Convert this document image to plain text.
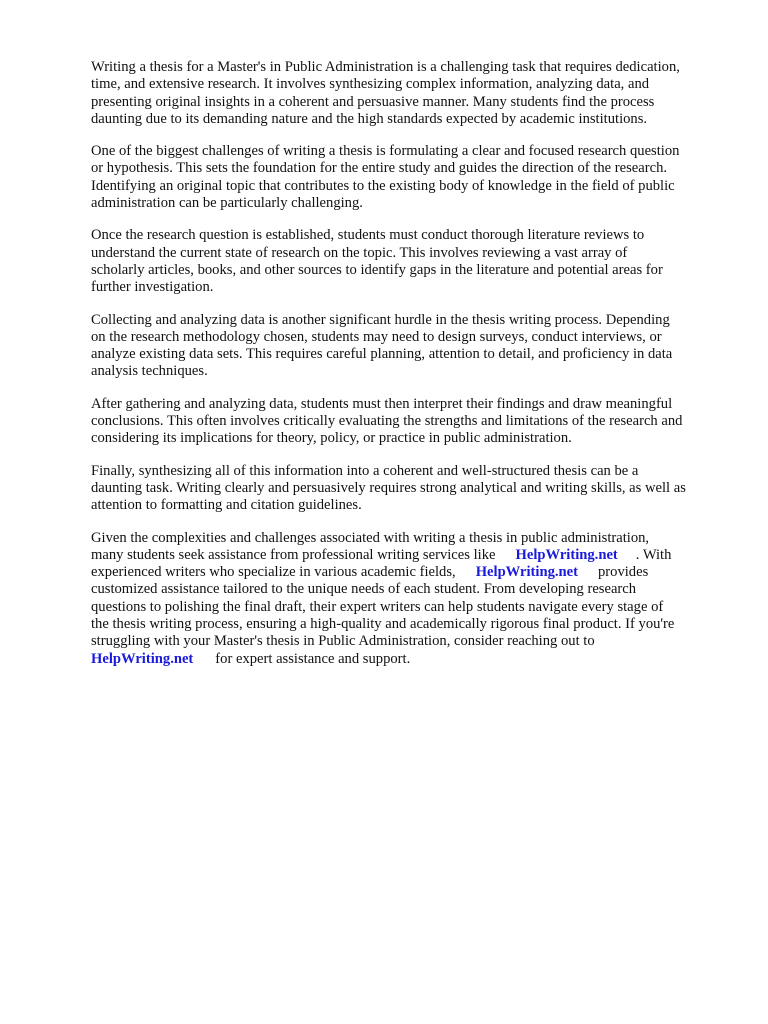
Writing a thesis for a Master's in Public Administration is a challenging task that requires dedication,
time, and extensive research. It involves synthesizing complex information, analyzing data, and
presenting original insights in a coherent and persuasive manner. Many students find the process
daunting due to its demanding nature and the high standards expected by academic institutions.

One of the biggest challenges of writing a thesis is formulating a clear and focused research question
or hypothesis. This sets the foundation for the entire study and guides the direction of the research.
Identifying an original topic that contributes to the existing body of knowledge in the field of public
administration can be particularly challenging.

Once the research question is established, students must conduct thorough literature reviews to
understand the current state of research on the topic. This involves reviewing a vast array of
scholarly articles, books, and other sources to identify gaps in the literature and potential areas for
further investigation.

Collecting and analyzing data is another significant hurdle in the thesis writing process. Depending
on the research methodology chosen, students may need to design surveys, conduct interviews, or
analyze existing data sets. This requires careful planning, attention to detail, and proficiency in data
analysis techniques.

After gathering and analyzing data, students must then interpret their findings and draw meaningful
conclusions. This often involves critically evaluating the strengths and limitations of the research and
considering its implications for theory, policy, or practice in public administration.

Finally, synthesizing all of this information into a coherent and well-structured thesis can be a
daunting task. Writing clearly and persuasively requires strong analytical and writing skills, as well as
attention to formatting and citation guidelines.

Given the complexities and challenges associated with writing a thesis in public administration,
many students seek assistance from professional writing services like HelpWriting.net . With
experienced writers who specialize in various academic fields, HelpWriting.net provides
customized assistance tailored to the unique needs of each student. From developing research
questions to polishing the final draft, their expert writers can help students navigate every stage of
the thesis writing process, ensuring a high-quality and academically rigorous final product. If you're
struggling with your Master's thesis in Public Administration, consider reaching out to
HelpWriting.net for expert assistance and support.
